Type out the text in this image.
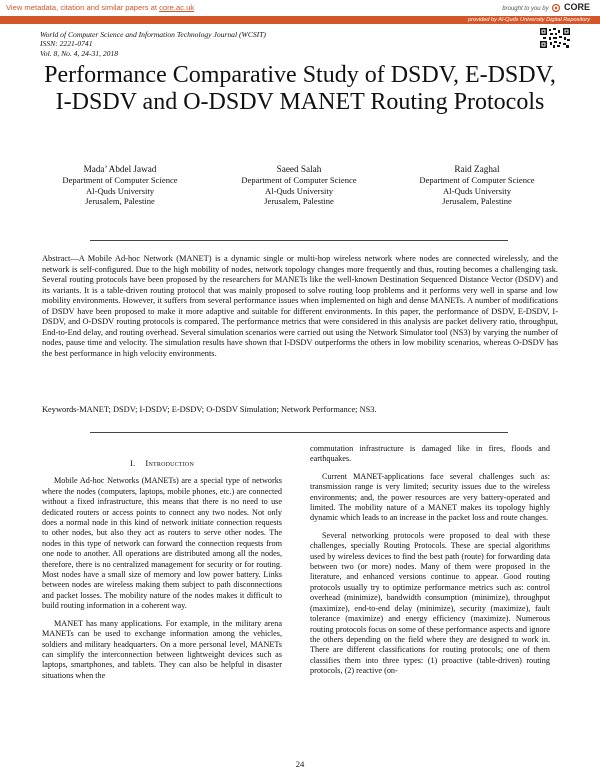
View metadata, citation and similar papers at core.ac.uk	brought to you by CORE
provided by Al-Quds University Digital Repository
World of Computer Science and Information Technology Journal (WCSIT)
ISSN: 2221-0741
Vol. 8, No. 4, 24-31, 2018
Performance Comparative Study of DSDV, E-DSDV,
I-DSDV and O-DSDV MANET Routing Protocols
Mada’ Abdel Jawad
Department of Computer Science
Al-Quds University
Jerusalem, Palestine
Saeed Salah
Department of Computer Science
Al-Quds University
Jerusalem, Palestine
Raid Zaghal
Department of Computer Science
Al-Quds University
Jerusalem, Palestine

Abstract—A Mobile Ad-hoc Network (MANET) is a dynamic single or multi-hop wireless network where nodes are connected wirelessly, and the network is self-configured. Due to the high mobility of nodes, network topology changes more frequently and thus, routing becomes a challenging task. Several routing protocols have been proposed by the researchers for MANETs like the well-known Destination Sequenced Distance Vector (DSDV) and its variants. It is a table-driven routing protocol that was mainly proposed to solve routing loop problems and it performs very well in sparse and low mobility environments. However, it suffers from several performance issues when implemented on high and dense MANETs. A number of modifications of DSDV have been proposed to make it more adaptive and suitable for different environments. In this paper, the performance of DSDV, E-DSDV, I-DSDV, and O-DSDV routing protocols is compared. The performance metrics that were considered in this analysis are packet delivery ratio, throughput, End-to-End delay, and routing overhead. Several simulation scenarios were carried out using the Network Simulator tool (NS3) by varying the number of nodes, pause time and velocity. The simulation results have shown that I-DSDV outperforms the others in low mobility scenarios, whereas O-DSDV has the best performance in high velocity environments.

Keywords-MANET; DSDV; I-DSDV; E-DSDV; O-DSDV Simulation; Network Performance; NS3.

I. Introduction

Mobile Ad-hoc Networks (MANETs) are a special type of networks where the nodes (computers, laptops, mobile phones, etc.) are connected without a fixed infrastructure, this means that there is no need to use dedicated routers or access points to connect any two nodes. Not only does a normal node in this kind of network initiate connection requests to other nodes, but also they act as routers to serve other nodes. The nodes in this type of network can forward the connection requests from one node to another. All operations are distributed among all the nodes, therefore, there is no centralized management for security or for routing. Most nodes have a small size of memory and low power battery. Links between nodes are wireless making them subject to path disconnections and packet losses. The mobility nature of the nodes makes it difficult to build routing information in a coherent way.

MANET has many applications. For example, in the military arena MANETs can be used to exchange information among the vehicles, soldiers and military headquarters. On a more personal level, MANETs can simplify the interconnection between lightweight devices such as laptops, smartphones, and tablets. They can also be helpful in disaster situations when the

commutation infrastructure is damaged like in fires, floods and earthquakes.

Current MANET-applications face several challenges such as: transmission range is very limited; security issues due to the wireless environments; and, the power resources are very battery-operated and limited. The mobility nature of a MANET makes its topology highly dynamic which leads to an increase in the packet loss and route changes.

Several networking protocols were proposed to deal with these challenges, specially Routing Protocols. These are special algorithms used by wireless devices to find the best path (route) for forwarding data between two (or more) nodes. Many of them were proposed in the literature, and enhanced versions continue to appear. Good routing protocols usually try to optimize performance metrics such as: control overhead (minimize), bandwidth consumption (minimize), throughput (maximize), end-to-end delay (minimize), security (maximize), fault tolerance (maximize) and energy efficiency (maximize). Numerous routing protocols focus on some of these performance aspects and ignore the others depending on the field where they are designed to work in. There are different classifications for routing protocols; one of them classifies them into three types: (1) proactive (table-driven) routing protocols, (2) reactive (on-

24
